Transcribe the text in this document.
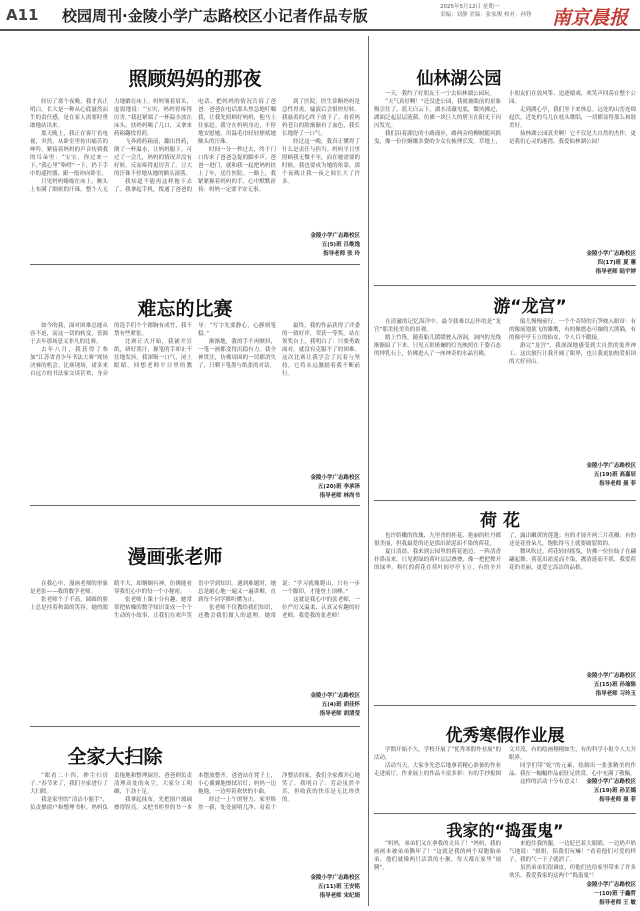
A11 校园周刊·金陵小学广志路校区小记者作品专版	2025年5月12日 星期一
责编：刘静 美编：张家俊 校对：孙铮 南京晨报
照顾妈妈的那夜

经历了那个夜晚，我才真正明白，长大是一种从心底滋然而生的责任感，是在家人需要时勇敢地站出来。

那天晚上，我正在客厅看电视，突然，从卧室里传出痛苦的呻吟。紧接着妈妈的声音传到我的耳朵里：“宝宝，你过来一下。”我心里“咯噔”一下，扔下手中的遥控器，踉一般冲向卧室。

只见妈妈蜷缩在床上，额头上布满了细密的汗珠，整个人无力地躺在床上。妈妈皱着眉头，虚弱地说：“宝贝，妈妈胃疼得厉害。”我赶紧端了一杯温水放在床头，扶妈妈喝了几口，又拿来药箱翻找胃药。

飞奔到药箱前，翻出胃药，倒了一杯温水，让妈妈服下。可过了一会儿，妈妈的情况并没有好转，反而疼得更厉害了。豆大的汗珠不停地从她的额头滚落。

我知道不能再这样拖下去了。我拿起手机，拨通了爸爸的电话，把妈妈的情况告诉了爸爸。爸爸在电话那头焦急地叮嘱我，让我先照顾好妈妈，他马上往家赶。我守在妈妈身边，不停地安慰她，用温毛巾轻轻擦拭她额头的汗珠。

时间一分一秒过去，终于门口传来了爸爸急促的脚步声。爸爸一进门，就和我一起把妈妈扶上了车，送往医院。一路上，我紧紧握着妈妈的手，心中默默祈祷：妈妈一定要平安无事。

到了医院，医生诊断妈妈是急性胃炎，输液后会很快好转。我悬着的心终于放下了。看着妈妈苍白的脸渐渐有了血色，我长长地舒了一口气。

经过这一晚，我真正懂得了什么是责任与担当。妈妈平日里照顾我无微不至，而在她需要的时候，我也要成为她的依靠。那个夜晚让我一夜之间长大了许多。

金陵小学广志路校区
五(5)班 吕维逸
指导老师 张 玲
难忘的比赛

如今的我，面对困难总能从容不迫，而这一切的转变，皆源于去年那场意义非凡的比赛。

去年八月，我获得了参加“江苏省青少年书法大赛”现场决赛的机会。比赛现场，诸多来自远方的书法家交谈甚欢，身旁的选手们个个都胸有成竹，我不禁有些紧张。

比赛正式开始，我铺开宣纸，研好墨汁，握笔的手却止不住地发抖。我深吸一口气，闭上眼睛，回想老师平日里的教导：“写字先要静心，心静则笔稳。”

渐渐地，我的手不再颤抖，一笔一画都变得沉稳有力。我全神贯注，仿佛周围的一切都消失了，只剩下笔墨与纸张的对话。

最终，我的作品获得了评委的一致好评，荣获一等奖。站在领奖台上，我明白了：只要勇敢面对，就没有克服不了的困难。这次比赛让我学会了沉着与坚持，它将永远激励着我不断前行。

金陵小学广志路校区
五(20)班 李承泽
指导老师 林尚书
漫画张老师

在我心中，漫画老师的形象是老张——我的数学老师。

张老师个子不高，圆圆的脸上总是挂着和蔼的笑容。她的眼睛不大，却炯炯有神，仿佛能看穿我们心中的每一个小秘密。

张老师上课十分有趣，她常常把枯燥的数学知识变成一个个生动的小故事，让我们在欢声笑语中学到知识。遇到难题时，她总是耐心地一遍又一遍讲解，直到每个同学都听懂为止。

张老师不仅教给我们知识，还教会我们做人的道理。她常说：“学习就像爬山，只有一步一个脚印，才能登上顶峰。”

这就是我心中的张老师，一位严厉又温柔、认真又有趣的好老师。我爱我的张老师！

金陵小学广志路校区
五(4)班 胡佳怀
指导老师 胡清莹
全家大扫除

“眼看二十四，掸尘扫房子。”春节来了，我们全家进行了大扫除。

我是家里的“清洁小能手”，负责擦窗户和整理书柜。妈妈负责拖地和整理厨房，爸爸则负责清理高处的灰尘。大家分工明确，干劲十足。

我拿起抹布，先把窗户玻璃擦得锃亮，又把书柜里的书一本本摆放整齐。爸爸站在凳子上，小心翼翼地擦拭吊灯；妈妈一边拖地，一边哼着欢快的小曲。

经过一上午的努力，家里焕然一新，处处窗明几净。看着干净整洁的家，我们全家都开心地笑了。我明白了：劳动虽然辛苦，但收获的快乐是无比珍贵的。

金陵小学广志路校区
五(11)班 王安铭
指导老师 宋纪娟
仙林湖公园

一天，我约了好朋友王一宁去仙林湖公园玩。

“天气真好啊！”还没进公园，我就被眼前的景象吸引住了。蓝天白云下，湖水清澈见底，微风拂过，湖面泛起层层涟漪，仿佛一块巨大的碧玉在阳光下闪闪发光。

我们沿着湖边的小路漫步，路两旁的柳树随风摇曳，像一位位婀娜多姿的少女在梳理长发。草地上，小朋友们在放风筝、追逐嬉戏，欢笑声回荡在整个公园。

走到湖心亭，我们坐下来休息。远处的山峦连绵起伏，近处的鸟儿在枝头歌唱，一切都显得那么和谐美好。

仙林湖公园真美啊！它不仅是大自然的杰作，更是我们心灵的港湾。我爱仙林湖公园！

金陵小学广志路校区
四(17)班 夏 蕙
指导老师 陆宇婷
游“龙宫”

在清澈的记忆海洋中，最令我难以忘怀的是“龙宫”那美轮美奂的景观。

踏上竹筏，随着船儿缓缓驶入溶洞，洞内的光线渐渐暗了下来，只见五彩斑斓的灯光映照在千姿百态的钟乳石上，仿佛进入了一座神奇的水晶宫殿。

船儿慢慢前行，一个个奇特的石笋映入眼帘：有的像展翅欲飞的雄鹰，有的像憨态可掬的大熊猫，有的像亭亭玉立的仙女，令人目不暇接。

游完“龙宫”，我深深地感受到大自然的鬼斧神工。这次旅行让我开阔了眼界，也让我更加热爱祖国的大好河山。

金陵小学广志路校区
五(19)班 高嘉辰
指导老师 聂 菲
荷 花

也许娇嫩的玫瑰、九里香的桂花、艳丽的牡丹都很美丽，但我最爱的还是那出淤泥而不染的荷花。

夏日清晨，我来到公园里的荷花池边，一阵清香扑鼻而来。只见碧绿的荷叶层层叠叠，像一把把撑开的绿伞。粉红的荷花在荷叶间亭亭玉立，有的全开了，露出嫩黄的莲蓬；有的才展开两三片花瓣；有的还是花骨朵儿，饱胀得马上就要破裂似的。

微风吹过，荷花轻轻摇曳，仿佛一位位仙子在翩翩起舞。荷花出淤泥而不染，濯清涟而不妖，我爱荷花的美丽，更爱它高洁的品格。

金陵小学广志路校区
五(15)班 孙瑜陈
指导老师 习玲玉
优秀寒假作业展

学期开始不久，学校开展了“优秀寒假作业展”的活动。

活动当天，大家争先恐后地拿着精心准备的作业走进展厅。作业展上的作品丰富多彩：有的手抄报图文并茂，有的绘画栩栩如生，有的科学小报令人大开眼界。

同学们带“蛇”的元素，绘制出一张张精美的作品。我在一幅幅作品前驻足欣赏，心中充满了敬佩。

这样的活动十分有意义！	金陵小学广志路校区
五(19)班 孙芷嫣
指导老师 聂 菲
我家的“捣蛋鬼”

“妈妈，弟弟们又在拿我的文具了！”妈妈，我的画画本被弟弟撕坏了！”这就是我的两个双胞胎弟弟，他们就像两只活泼的小猴，每天都在家里“闹腾”。

来抱住我的腿，一边眨巴着大眼睛，一边奶声奶气地说：“姐姐，陪我们玩嘛！”看着他们可爱的样子，我的气一下子就消了。

虽然弟弟们很调皮，但他们也给家里带来了许多欢乐。我爱我家的这两个“捣蛋鬼”！

金陵小学广志路校区
一(10)班 于鑫哲
指导老师 王 敏
